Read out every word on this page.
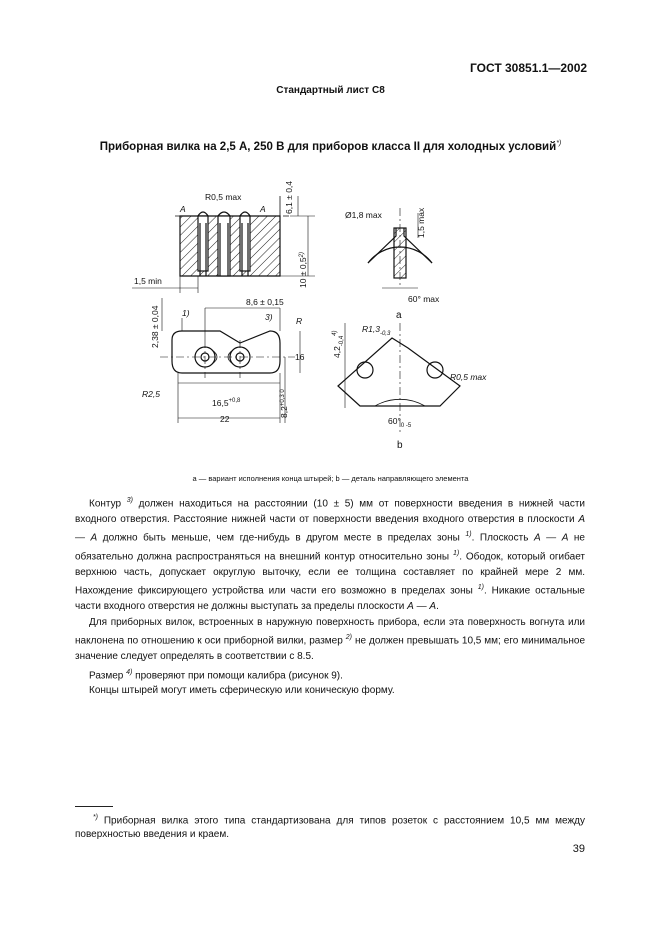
ГОСТ 30851.1—2002
Стандартный лист С8
Приборная вилка на 2,5 А, 250 В для приборов класса II для холодных условий*)
A	A
R0,5 max	6,1 ± 0,4
$10 \pm 0,5^{2)}$
1,5 min
2,38 ± 0,04
8,6 ± 0,15
1)	3)	R
16
$8,2^{+0,3 0}$
R2,5
$16,5^{+0,8}$
22
Ø1,8 max	1,5 max
60° max
a
$4,2_{-0,4}^{4)}$	$R1,3_{-0,3}$
R0,5 max
$60^\circ_{0 -5}$
b
а — вариант исполнения конца штырей; b — деталь направляющего элемента

Контур $^{3)}$ должен находиться на расстоянии (10 ± 5) мм от поверхности введения в нижней части входного отверстия. Расстояние нижней части от поверхности введения входного отверстия в плоскости А — А должно быть меньше, чем где-нибудь в другом месте в пределах зоны $^{1)}$. Плоскость А — А не обязательно должна распространяться на внешний контур относительно зоны $^{1)}$. Ободок, который огибает верхнюю часть, допускает округлую выточку, если ее толщина составляет по крайней мере 2 мм. Нахождение фиксирующего устройства или части его возможно в пределах зоны $^{1)}$. Никакие остальные части входного отверстия не должны выступать за пределы плоскости А — А.

Для приборных вилок, встроенных в наружную поверхность прибора, если эта поверхность вогнута или наклонена по отношению к оси приборной вилки, размер $^{2)}$ не должен превышать 10,5 мм; его минимальное значение следует определять в соответствии с 8.5.

Размер $^{4)}$ проверяют при помощи калибра (рисунок 9).

Концы штырей могут иметь сферическую или коническую форму.

*) Приборная вилка этого типа стандартизована для типов розеток с расстоянием 10,5 мм между поверхностью введения и краем.
39
